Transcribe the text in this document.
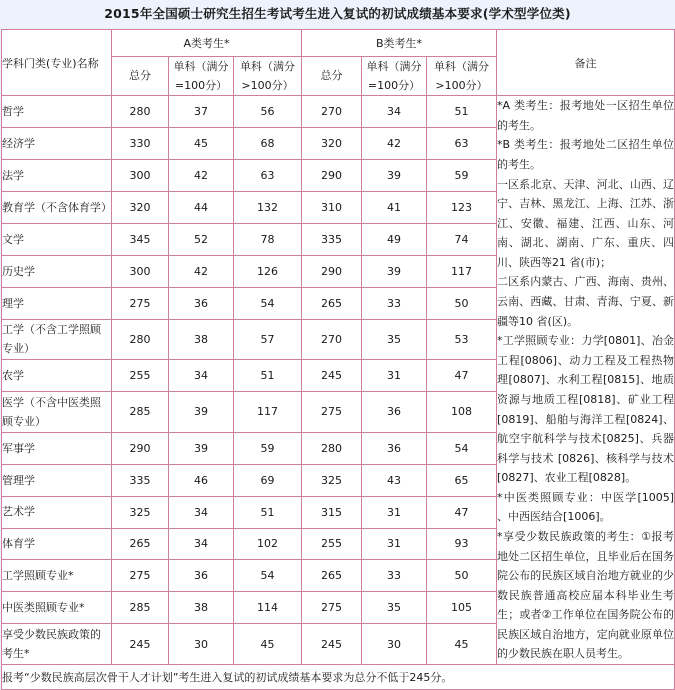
2015年全国硕士研究生招生考试考生进入复试的初试成绩基本要求(学术型学位类)
学科门类(专业)名称	A类考生*			B类考生*			备注
	总分	单科（满分=100分）	单科（满分>100分）	总分	单科（满分=100分）	单科（满分>100分）	
哲学	280	37	56	270	34	51	*A 类考生：报考地处一区招生单位的考生。

*B 类考生：报考地处二区招生单位的考生。

一区系北京、天津、河北、山西、辽宁、吉林、黑龙江、上海、江苏、浙江、安徽、福建、江西、山东、河南、湖北、湖南、广东、重庆、四川、陕西等21 省(市)；

二区系内蒙古、广西、海南、贵州、云南、西藏、甘肃、青海、宁夏、新疆等10 省(区)。

*工学照顾专业：力学[0801]、冶金工程[0806]、动力工程及工程热物理[0807]、水利工程[0815]、地质资源与地质工程[0818]、矿业工程[0819]、船舶与海洋工程[0824]、航空宇航科学与技术[0825]、兵器科学与技术 [0826]、核科学与技术[0827]、农业工程[0828]。

*中医类照顾专业：中医学[1005] 、中西医结合[1006]。

*享受少数民族政策的考生：①报考地处二区招生单位，且毕业后在国务院公布的民族区域自治地方就业的少数民族普通高校应届本科毕业生考生；或者②工作单位在国务院公布的民族区域自治地方，定向就业原单位的少数民族在职人员考生。

经济学	330	45	68	320	42	63	
法学	300	42	63	290	39	59	
教育学（不含体育学）	320	44	132	310	41	123	
文学	345	52	78	335	49	74	
历史学	300	42	126	290	39	117	
理学	275	36	54	265	33	50	
工学（不含工学照顾专业）	280	38	57	270	35	53	
农学	255	34	51	245	31	47	
医学（不含中医类照顾专业）	285	39	117	275	36	108	
军事学	290	39	59	280	36	54	
管理学	335	46	69	325	43	65	
艺术学	325	34	51	315	31	47	
体育学	265	34	102	255	31	93	
工学照顾专业*	275	36	54	265	33	50	
中医类照顾专业*	285	38	114	275	35	105	
享受少数民族政策的考生*	245	30	45	245	30	45	
报考“少数民族高层次骨干人才计划”考生进入复试的初试成绩基本要求为总分不低于245分。							
